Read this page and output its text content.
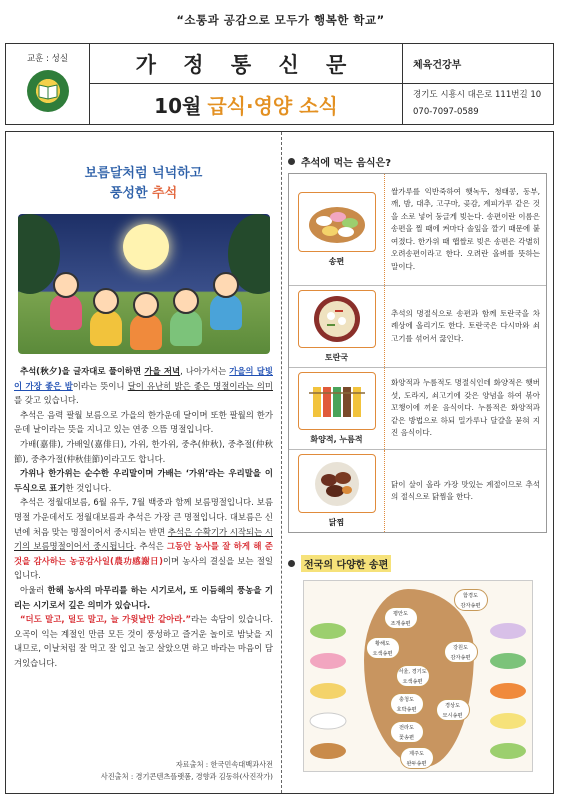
“소통과 공감으로 모두가 행복한 학교”
교훈 : 성실	가 정 통 신 문
10월 급식·영양 소식
체육건강부
경기도 시흥시 대은로 111번길 10
070-7097-0589
보름달처럼 넉넉하고
풍성한 추석

추석(秋夕)을 글자대로 풀이하면 가을 저녁, 나아가서는 가을의 달빛이 가장 좋은 밤이라는 뜻이니 달이 유난히 밝은 좋은 명절이라는 의미를 갖고 있습니다.

추석은 음력 팔월 보름으로 가을의 한가운데 달이며 또한 팔월의 한가운데 날이라는 뜻을 지니고 있는 연중 으뜸 명절입니다.

가배(嘉俳), 가배일(嘉俳日), 가위, 한가위, 중추(仲秋), 중추절(仲秋節), 중추가절(仲秋佳節)이라고도 합니다.

가위나 한가위는 순수한 우리말이며 가배는 ‘가위’라는 우리말을 이두식으로 표기한 것입니다.

추석은 정월대보름, 6월 유두, 7월 백중과 함께 보름명절입니다. 보름 명절 가운데서도 정월대보름과 추석은 가장 큰 명절입니다. 대보름은 신년에 처음 맞는 명절이어서 중시되는 반면 추석은 수확기가 시작되는 시기의 보름명절이어서 중시됩니다. 추석은 그동안 농사를 잘 하게 해 준 것을 감사하는 농공감사일(農功感謝日)이며 농사의 결실을 보는 절일입니다.

아울러 한해 농사의 마무리를 하는 시기로서, 또 이듬해의 풍농을 기리는 시기로서 깊은 의미가 있습니다.

“더도 말고, 덜도 말고, 늘 가윗날만 같아라.”라는 속담이 있습니다. 오곡이 익는 계절인 만큼 모든 것이 풍성하고 즐거운 놀이로 밤낮을 지내므로, 이날처럼 잘 먹고 잘 입고 놀고 살았으면 하고 바라는 마음이 담겨있습니다.

자료출처 : 한국민속대백과사전
사진출처 : 경기콘텐츠플랫폼, 경향과 김동하(사진작가)
추석에 먹는 음식은?
송편
쌀가루를 익반죽하여 햇녹두, 청태콩, 동부, 깨, 밤, 대추, 고구마, 곶감, 계피가루 같은 것을 소로 넣어 둥글게 빚는다. 송편이란 이름은 송편을 찔 때에 켜마다 솔잎을 깔기 때문에 붙여졌다. 한가위 때 햅쌀로 빚은 송편은 각별히 오려송편이라고 한다. 오려란 올벼를 뜻하는 말이다.
토란국
추석의 명절식으로 송편과 함께 토란국을 차례상에 올리기도 한다. 토란국은 다시마와 쇠고기를 섞어서 끓인다.
화양적, 누름적
화양적과 누름적도 명절식인데 화양적은 햇버섯, 도라지, 쇠고기에 갖은 양념을 하여 볶아 꼬챙이에 끼운 음식이다. 누름적은 화양적과 같은 방법으로 하되 밀가루나 달걀을 묻혀 지진 음식이다.
닭찜
닭이 살이 올라 가장 맛있는 계절이므로 추석의 절식으로 닭찜을 한다.
전국의 다양한 송편
함경도
감자송편
평안도
조개송편
황해도
오색송편
강원도
감자송편
서울, 경기도
오색송편
충청도
호박송편
경상도
모시송편
전라도
꽃송편
제주도
완두송편
